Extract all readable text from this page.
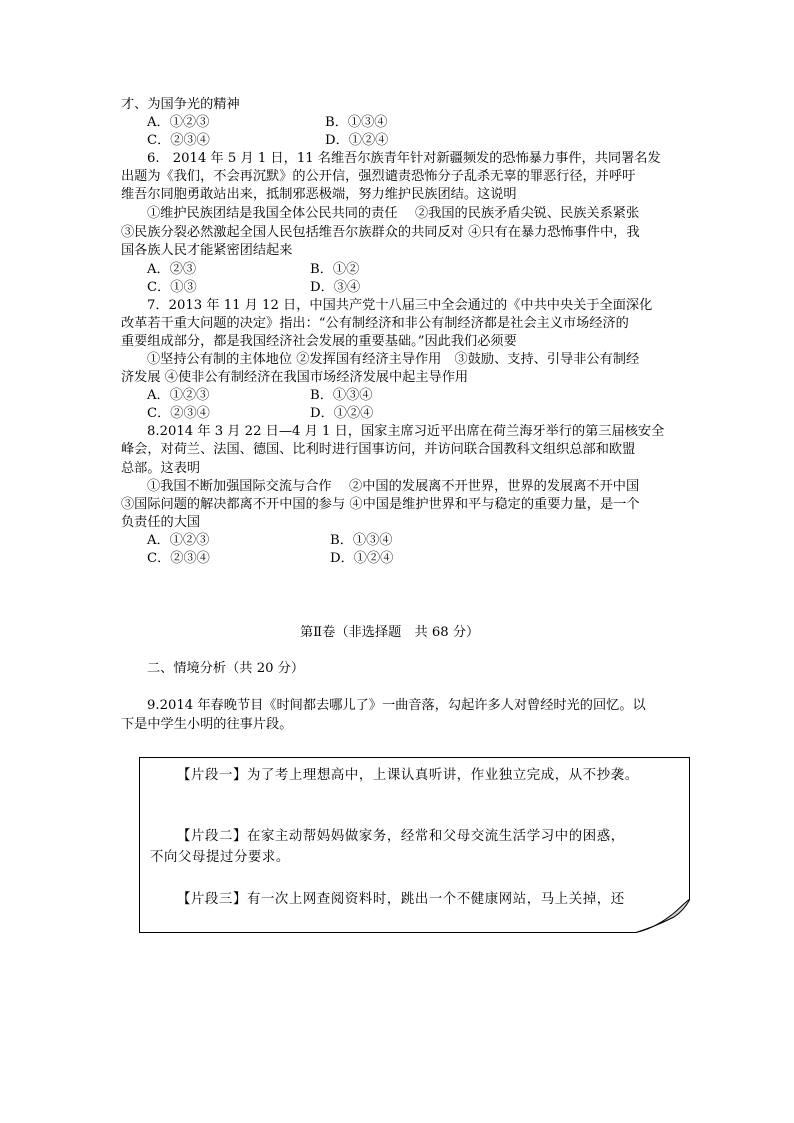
才、为国争光的精神
A．①②③	B．①③④
C．②③④	D．①②④
6.　2014 年 5 月 1 日，11 名维吾尔族青年针对新疆频发的恐怖暴力事件，共同署名发
出题为《我们，不会再沉默》的公开信，强烈谴责恐怖分子乱杀无辜的罪恶行径，并呼吁
维吾尔同胞勇敢站出来，抵制邪恶极端，努力维护民族团结。这说明
①维护民族团结是我国全体公民共同的责任　 ②我国的民族矛盾尖锐、民族关系紧张
③民族分裂必然激起全国人民包括维吾尔族群众的共同反对 ④只有在暴力恐怖事件中，我
国各族人民才能紧密团结起来
A．②③	B．①②
C．①③	D．③④
7．2013 年 11 月 12 日，中国共产党十八届三中全会通过的《中共中央关于全面深化
改革若干重大问题的决定》指出：“公有制经济和非公有制经济都是社会主义市场经济的
重要组成部分，都是我国经济社会发展的重要基础。”因此我们必须要
①坚持公有制的主体地位 ②发挥国有经济主导作用　③鼓励、支持、引导非公有制经
济发展 ④使非公有制经济在我国市场经济发展中起主导作用
A．①②③	B．①③④
C．②③④	D．①②④
8.2014 年 3 月 22 日—4 月 1 日，国家主席习近平出席在荷兰海牙举行的第三届核安全
峰会，对荷兰、法国、德国、比利时进行国事访问，并访问联合国教科文组织总部和欧盟
总部。这表明
①我国不断加强国际交流与合作　 ②中国的发展离不开世界，世界的发展离不开中国
③国际问题的解决都离不开中国的参与 ④中国是维护世界和平与稳定的重要力量，是一个
负责任的大国
A．①②③	B．①③④
C．②③④	D．①②④
第Ⅱ卷（非选择题　共 68 分）
二、情境分析（共 20 分）
9.2014 年春晚节目《时间都去哪儿了》一曲音落，勾起许多人对曾经时光的回忆。以
下是中学生小明的往事片段。
【片段一】为了考上理想高中，上课认真听讲，作业独立完成，从不抄袭。
【片段二】在家主动帮妈妈做家务，经常和父母交流生活学习中的困惑，
不向父母提过分要求。
【片段三】有一次上网查阅资料时，跳出一个不健康网站，马上关掉，还
